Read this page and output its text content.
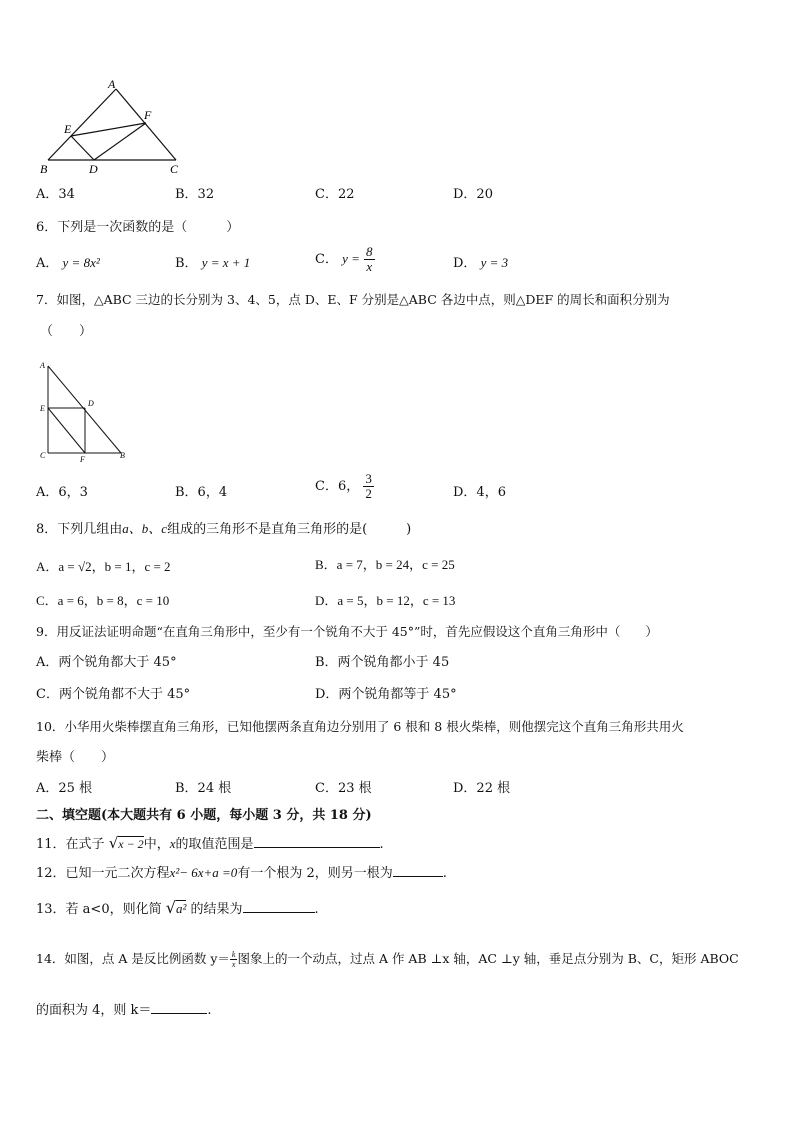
A
B	C
D
E
F
A．34	B．32	C．22	D．20
6．下列是一次函数的是（　　　）
A． y = 8x²	B． y = x + 1	C． $y = \frac{8}{x}$	D． y = 3
7．如图，△ABC 三边的长分别为 3、4、5，点 D、E、F 分别是△ABC 各边中点，则△DEF 的周长和面积分别为
（　　）
A
E
D
C	F	B
A．6，3	B．6，4	C．6， $\frac{3}{2}$	D．4，6
8．下列几组由a、b、c组成的三角形不是直角三角形的是(　　　)
A．a = √2，b = 1，c = 2	B．a = 7，b = 24，c = 25
C．a = 6，b = 8，c = 10	D．a = 5，b = 12，c = 13
9．用反证法证明命题“在直角三角形中，至少有一个锐角不大于 45°”时，首先应假设这个直角三角形中（　　）
A．两个锐角都大于 45°	B．两个锐角都小于 45
C．两个锐角都不大于 45°	D．两个锐角都等于 45°
10．小华用火柴棒摆直角三角形，已知他摆两条直角边分别用了 6 根和 8 根火柴棒，则他摆完这个直角三角形共用火
柴棒（　　）
A．25 根	B．24 根	C．23 根	D．22 根
二、填空题(本大题共有 6 小题，每小题 3 分，共 18 分)
11．在式子 √x − 2中，x的取值范围是	.
12．已知一元二次方程x²− 6x+a =0有一个根为 2，则另一根为	.
13．若 a<0，则化简 √a² 的结果为	.
14．如图，点 A 是反比例函数 $y= \frac{k}{x}$ 图象上的一个动点，过点 A 作 AB ⊥x 轴，AC ⊥y 轴，垂足点分别为 B、C，矩形 ABOC
的面积为 4，则 k＝	.
